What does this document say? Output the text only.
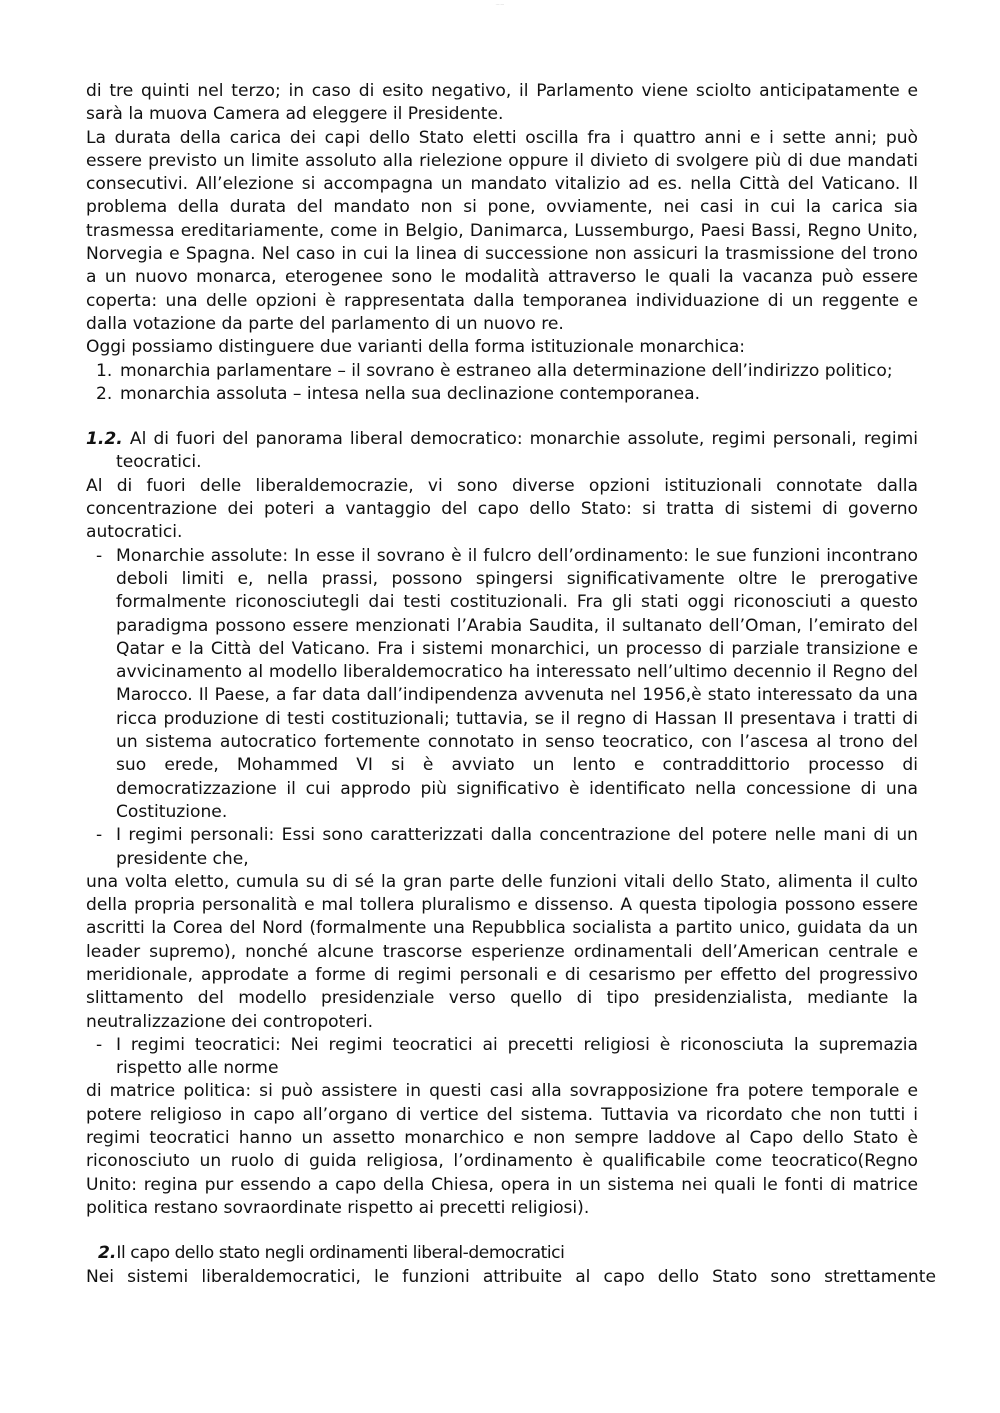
·······

di tre quinti nel terzo; in caso di esito negativo, il Parlamento viene sciolto anticipatamente e sarà la muova Camera ad eleggere il Presidente.

La durata della carica dei capi dello Stato eletti oscilla fra i quattro anni e i sette anni; può essere previsto un limite assoluto alla rielezione oppure il divieto di svolgere più di due mandati consecutivi. All’elezione si accompagna un mandato vitalizio ad es. nella Città del Vaticano. Il problema della durata del mandato non si pone, ovviamente, nei casi in cui la carica sia trasmessa ereditariamente, come in Belgio, Danimarca, Lussemburgo, Paesi Bassi, Regno Unito, Norvegia e Spagna. Nel caso in cui la linea di successione non assicuri la trasmissione del trono a un nuovo monarca, eterogenee sono le modalità attraverso le quali la vacanza può essere coperta: una delle opzioni è rappresentata dalla temporanea individuazione di un reggente e dalla votazione da parte del parlamento di un nuovo re.

Oggi possiamo distinguere due varianti della forma istituzionale monarchica:

1. monarchia parlamentare – il sovrano è estraneo alla determinazione dell’indirizzo politico;
2. monarchia assoluta – intesa nella sua declinazione contemporanea.

1.2. Al di fuori del panorama liberal democratico: monarchie assolute, regimi personali, regimi teocratici.

Al di fuori delle liberaldemocrazie, vi sono diverse opzioni istituzionali connotate dalla concentrazione dei poteri a vantaggio del capo dello Stato: si tratta di sistemi di governo autocratici.

- Monarchie assolute: In esse il sovrano è il fulcro dell’ordinamento: le sue funzioni incontrano deboli limiti e, nella prassi, possono spingersi significativamente oltre le prerogative formalmente riconosciutegli dai testi costituzionali. Fra gli stati oggi riconosciuti a questo paradigma possono essere menzionati l’Arabia Saudita, il sultanato dell’Oman, l’emirato del Qatar e la Città del Vaticano. Fra i sistemi monarchici, un processo di parziale transizione e avvicinamento al modello liberaldemocratico ha interessato nell’ultimo decennio il Regno del Marocco. Il Paese, a far data dall’indipendenza avvenuta nel 1956,è stato interessato da una ricca produzione di testi costituzionali; tuttavia, se il regno di Hassan II presentava i tratti di un sistema autocratico fortemente connotato in senso teocratico, con l’ascesa al trono del suo erede, Mohammed VI si è avviato un lento e contraddittorio processo di democratizzazione il cui approdo più significativo è identificato nella concessione di una Costituzione.
- I regimi personali: Essi sono caratterizzati dalla concentrazione del potere nelle mani di un presidente che,

una volta eletto, cumula su di sé la gran parte delle funzioni vitali dello Stato, alimenta il culto della propria personalità e mal tollera pluralismo e dissenso. A questa tipologia possono essere ascritti la Corea del Nord (formalmente una Repubblica socialista a partito unico, guidata da un leader supremo), nonché alcune trascorse esperienze ordinamentali dell’American centrale e meridionale, approdate a forme di regimi personali e di cesarismo per effetto del progressivo slittamento del modello presidenziale verso quello di tipo presidenzialista, mediante la neutralizzazione dei contropoteri.

- I regimi teocratici: Nei regimi teocratici ai precetti religiosi è riconosciuta la supremazia rispetto alle norme

di matrice politica: si può assistere in questi casi alla sovrapposizione fra potere temporale e potere religioso in capo all’organo di vertice del sistema. Tuttavia va ricordato che non tutti i regimi teocratici hanno un assetto monarchico e non sempre laddove al Capo dello Stato è riconosciuto un ruolo di guida religiosa, l’ordinamento è qualificabile come teocratico(Regno Unito: regina pur essendo a capo della Chiesa, opera in un sistema nei quali le fonti di matrice politica restano sovraordinate rispetto ai precetti religiosi).

2.Il capo dello stato negli ordinamenti liberal-democratici

Nei sistemi liberaldemocratici, le funzioni attribuite al capo dello Stato sono strettamente
